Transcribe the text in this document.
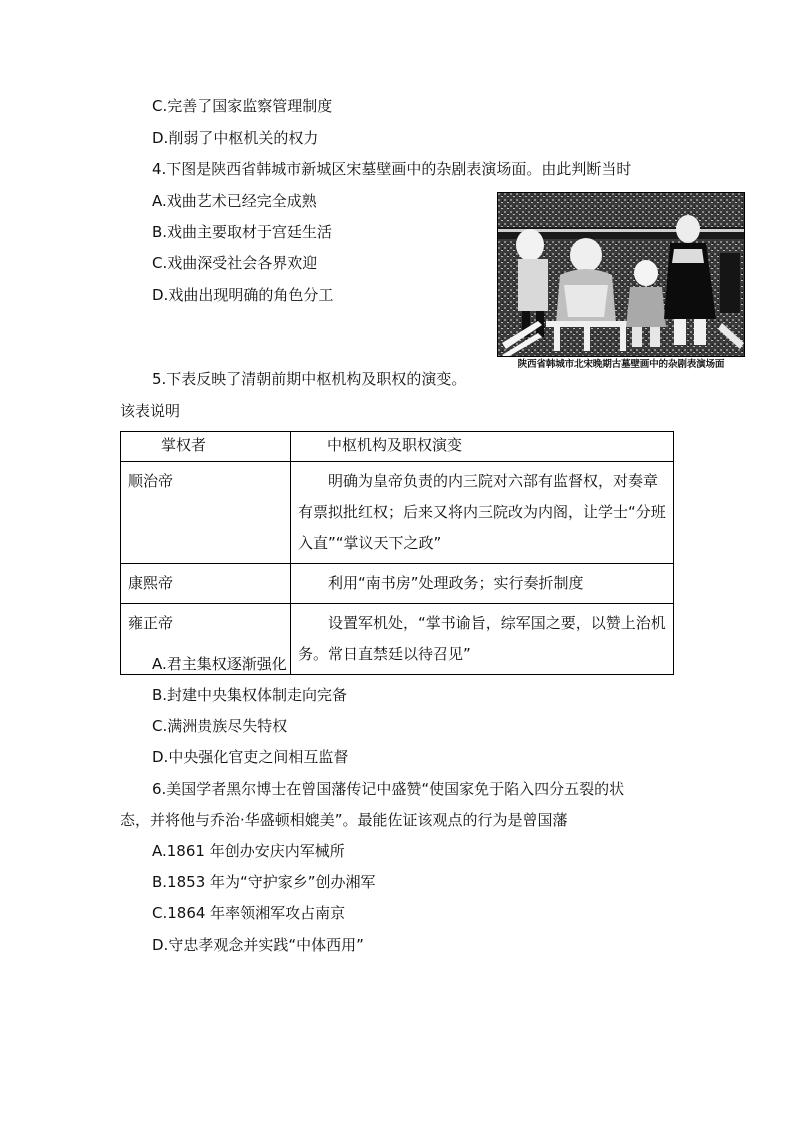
C.完善了国家监察管理制度
D.削弱了中枢机关的权力
4.下图是陕西省韩城市新城区宋墓壁画中的杂剧表演场面。由此判断当时
A.戏曲艺术已经完全成熟
B.戏曲主要取材于宫廷生活
C.戏曲深受社会各界欢迎
D.戏曲出现明确的角色分工
陕西省韩城市北宋晚期古墓壁画中的杂剧表演场面
5.下表反映了清朝前期中枢机构及职权的演变。
该表说明
掌权者	中枢机构及职权演变
顺治帝	明确为皇帝负责的内三院对六部有监督权，对奏章有票拟批红权；后来又将内三院改为内阁，让学士“分班入直”“掌议天下之政”
康熙帝	利用“南书房”处理政务；实行奏折制度
雍正帝	设置军机处，“掌书谕旨，综军国之要，以赞上治机务。常日直禁廷以待召见”
A.君主集权逐渐强化
B.封建中央集权体制走向完备
C.满洲贵族尽失特权
D.中央强化官吏之间相互监督
6.美国学者黑尔博士在曾国藩传记中盛赞“使国家免于陷入四分五裂的状
态，并将他与乔治·华盛顿相媲美”。最能佐证该观点的行为是曾国藩
A.1861 年创办安庆内军械所
B.1853 年为“守护家乡”创办湘军
C.1864 年率领湘军攻占南京
D.守忠孝观念并实践“中体西用”
